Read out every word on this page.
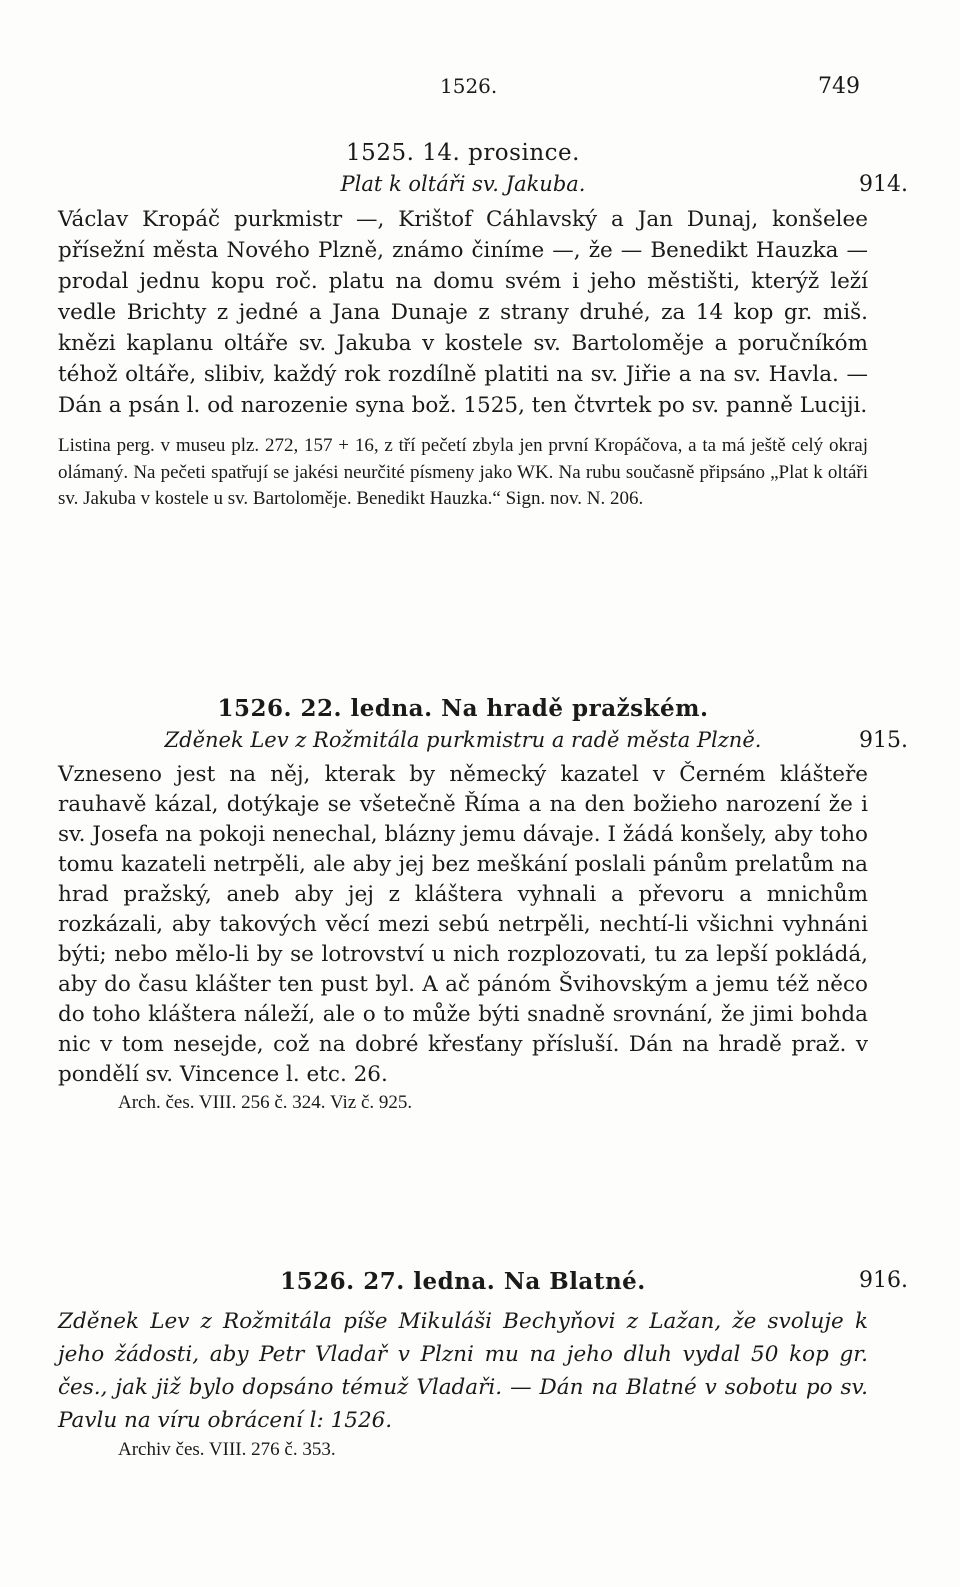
1526.	749

1525. 14. prosince.

Plat k oltáři sv. Jakuba.	914.

Václav Kropáč purkmistr —, Krištof Cáhlavský a Jan Dunaj, konšelee přísežní města Nového Plzně, známo činíme —, že — Benedikt Hauzka — prodal jednu kopu roč. platu na domu svém i jeho městišti, kterýž leží vedle Brichty z jedné a Jana Dunaje z strany druhé, za 14 kop gr. miš. knězi kaplanu oltáře sv. Jakuba v kostele sv. Bartoloměje a poručníkóm téhož oltáře, slibiv, každý rok rozdílně platiti na sv. Jiřie a na sv. Havla. — Dán a psán l. od narozenie syna bož. 1525, ten čtvrtek po sv. panně Luciji.

Listina perg. v museu plz. 272, 157 + 16, z tří pečetí zbyla jen první Kropáčova, a ta má ještě celý okraj olámaný. Na pečeti spatřují se jakési neurčité písmeny jako WK. Na rubu současně připsáno „Plat k oltáři sv. Jakuba v kostele u sv. Bartoloměje. Benedikt Hauzka.“ Sign. nov. N. 206.

1526. 22. ledna. Na hradě pražském.

Zděnek Lev z Rožmitála purkmistru a radě města Plzně.	915.

Vzneseno jest na něj, kterak by německý kazatel v Černém klášteře rauhavě kázal, dotýkaje se všetečně Říma a na den božieho narození že i sv. Josefa na pokoji nenechal, blázny jemu dávaje. I žádá konšely, aby toho tomu kazateli netrpěli, ale aby jej bez meškání poslali pánům prelatům na hrad pražský, aneb aby jej z kláštera vyhnali a převoru a mnichům rozkázali, aby takových věcí mezi sebú netrpěli, nechtí-li všichni vyhnáni býti; nebo mělo-li by se lotrovství u nich rozplozovati, tu za lepší pokládá, aby do času klášter ten pust byl. A ač pánóm Švihovským a jemu též něco do toho kláštera náleží, ale o to může býti snadně srovnání, že jimi bohda nic v tom nesejde, což na dobré křesťany přísluší. Dán na hradě praž. v pondělí sv. Vincence l. etc. 26.

Arch. čes. VIII. 256 č. 324. Viz č. 925.

1526. 27. ledna. Na Blatné.	916.

Zděnek Lev z Rožmitála píše Mikuláši Bechyňovi z Lažan, že svoluje k jeho žádosti, aby Petr Vladař v Plzni mu na jeho dluh vydal 50 kop gr. čes., jak již bylo dopsáno témuž Vladaři. — Dán na Blatné v sobotu po sv. Pavlu na víru obrácení l: 1526.

Archiv čes. VIII. 276 č. 353.
